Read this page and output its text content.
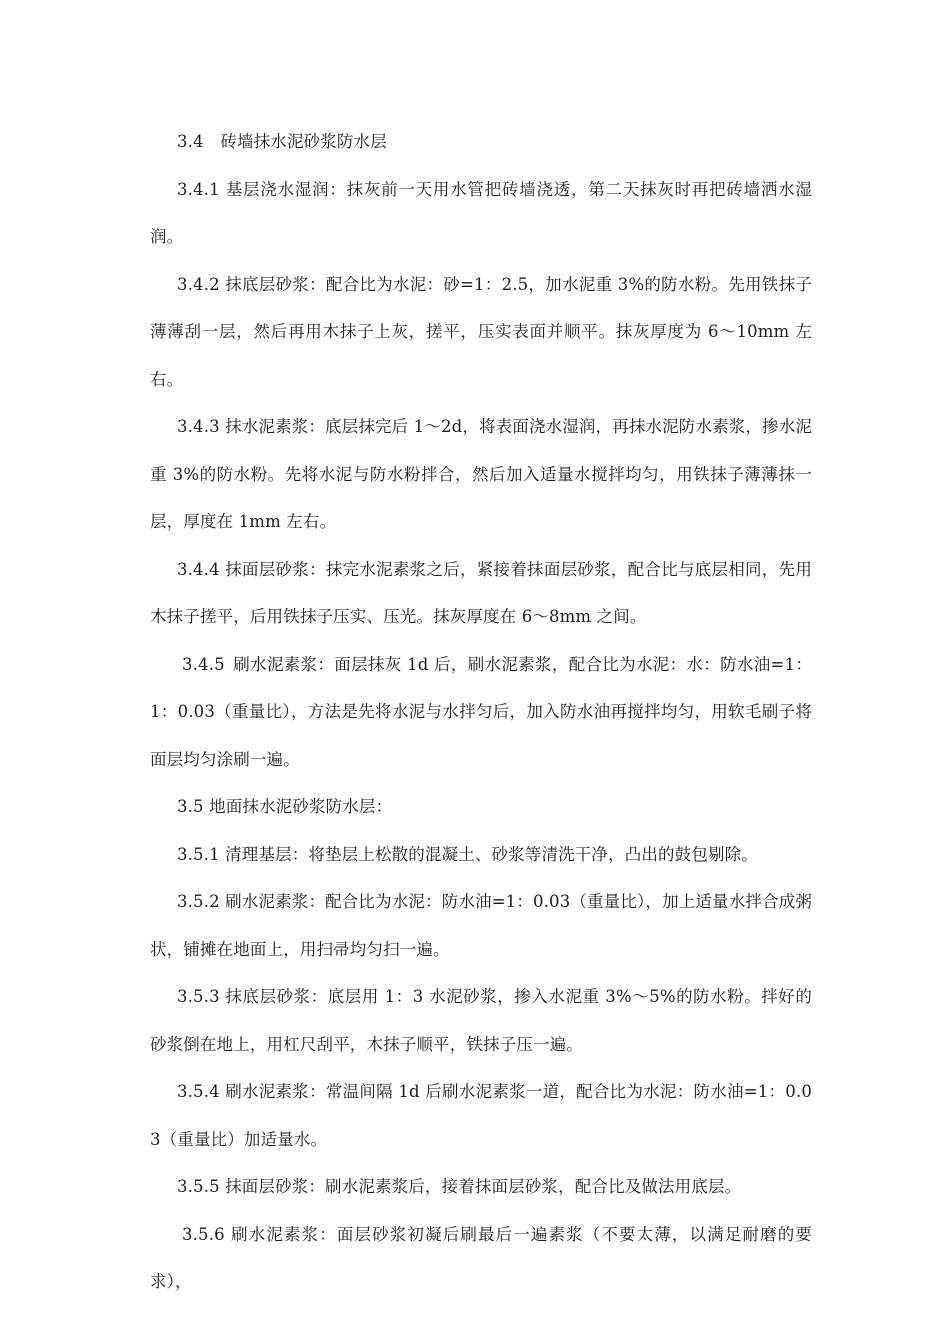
3.4 砖墙抹水泥砂浆防水层

3.4.1 基层浇水湿润：抹灰前一天用水管把砖墙浇透，第二天抹灰时再把砖墙洒水湿润。

3.4.2 抹底层砂浆：配合比为水泥：砂=1：2.5，加水泥重 3%的防水粉。先用铁抹子薄薄刮一层，然后再用木抹子上灰，搓平，压实表面并顺平。抹灰厚度为 6～10mm 左右。

3.4.3 抹水泥素浆：底层抹完后 1～2d，将表面浇水湿润，再抹水泥防水素浆，掺水泥重 3%的防水粉。先将水泥与防水粉拌合，然后加入适量水搅拌均匀，用铁抹子薄薄抹一层，厚度在 1mm 左右。

3.4.4 抹面层砂浆：抹完水泥素浆之后，紧接着抹面层砂浆，配合比与底层相同，先用木抹子搓平，后用铁抹子压实、压光。抹灰厚度在 6～8mm 之间。

3.4.5 刷水泥素浆：面层抹灰 1d 后，刷水泥素浆，配合比为水泥：水：防水油=1：1：0.03（重量比），方法是先将水泥与水拌匀后，加入防水油再搅拌均匀，用软毛刷子将面层均匀涂刷一遍。

3.5 地面抹水泥砂浆防水层：

3.5.1 清理基层：将垫层上松散的混凝土、砂浆等清洗干净，凸出的鼓包剔除。

3.5.2 刷水泥素浆：配合比为水泥：防水油=1：0.03（重量比），加上适量水拌合成粥状，铺摊在地面上，用扫帚均匀扫一遍。

3.5.3 抹底层砂浆：底层用 1：3 水泥砂浆，掺入水泥重 3%～5%的防水粉。拌好的砂浆倒在地上，用杠尺刮平，木抹子顺平，铁抹子压一遍。

3.5.4 刷水泥素浆：常温间隔 1d 后刷水泥素浆一道，配合比为水泥：防水油=1：0.03（重量比）加适量水。

3.5.5 抹面层砂浆：刷水泥素浆后，接着抹面层砂浆，配合比及做法用底层。

3.5.6 刷水泥素浆：面层砂浆初凝后刷最后一遍素浆（不要太薄，以满足耐磨的要求），
